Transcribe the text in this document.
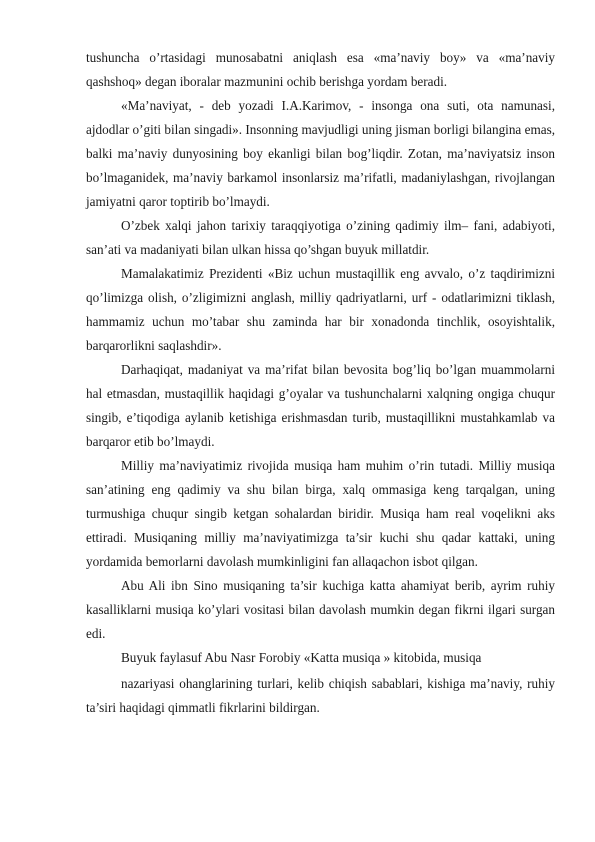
tushuncha o’rtasidagi munosabatni aniqlash esa «ma’naviy boy» va «ma’naviy qashshoq» degan iboralar mazmunini ochib berishga yordam beradi.

«Ma’naviyat, - deb yozadi I.A.Karimov, - insonga ona suti, ota namunasi, ajdodlar o’giti bilan singadi». Insonning mavjudligi uning jisman borligi bilangina emas, balki ma’naviy dunyosining boy ekanligi bilan bog’liqdir. Zotan, ma’naviyatsiz inson bo’lmaganidek, ma’naviy barkamol insonlarsiz ma’rifatli, madaniylashgan, rivojlangan jamiyatni qaror toptirib bo’lmaydi.

O’zbek xalqi jahon tarixiy taraqqiyotiga o’zining qadimiy ilm– fani, adabiyoti, san’ati va madaniyati bilan ulkan hissa qo’shgan buyuk millatdir.

Mamalakatimiz Prezidenti «Biz uchun mustaqillik eng avvalo, o’z taqdirimizni qo’limizga olish, o’zligimizni anglash, milliy qadriyatlarni, urf - odatlarimizni tiklash, hammamiz uchun mo’tabar shu zaminda har bir xonadonda tinchlik, osoyishtalik, barqarorlikni saqlashdir».

Darhaqiqat, madaniyat va ma’rifat bilan bevosita bog’liq bo’lgan muammolarni hal etmasdan, mustaqillik haqidagi g’oyalar va tushunchalarni xalqning ongiga chuqur singib, e’tiqodiga aylanib ketishiga erishmasdan turib, mustaqillikni mustahkamlab va barqaror etib bo’lmaydi.

Milliy ma’naviyatimiz rivojida musiqa ham muhim o’rin tutadi. Milliy musiqa san’atining eng qadimiy va shu bilan birga, xalq ommasiga keng tarqalgan, uning turmushiga chuqur singib ketgan sohalardan biridir. Musiqa ham real voqelikni aks ettiradi. Musiqaning milliy ma’naviyatimizga ta’sir kuchi shu qadar kattaki, uning yordamida bemorlarni davolash mumkinligini fan allaqachon isbot qilgan.

Abu Ali ibn Sino musiqaning ta’sir kuchiga katta ahamiyat berib, ayrim ruhiy kasalliklarni musiqa ko’ylari vositasi bilan davolash mumkin degan fikrni ilgari surgan edi.

Buyuk faylasuf Abu Nasr Forobiy «Katta musiqa » kitobida, musiqa

nazariyasi ohanglarining turlari, kelib chiqish sabablari, kishiga ma’naviy, ruhiy ta’siri haqidagi qimmatli fikrlarini bildirgan.
